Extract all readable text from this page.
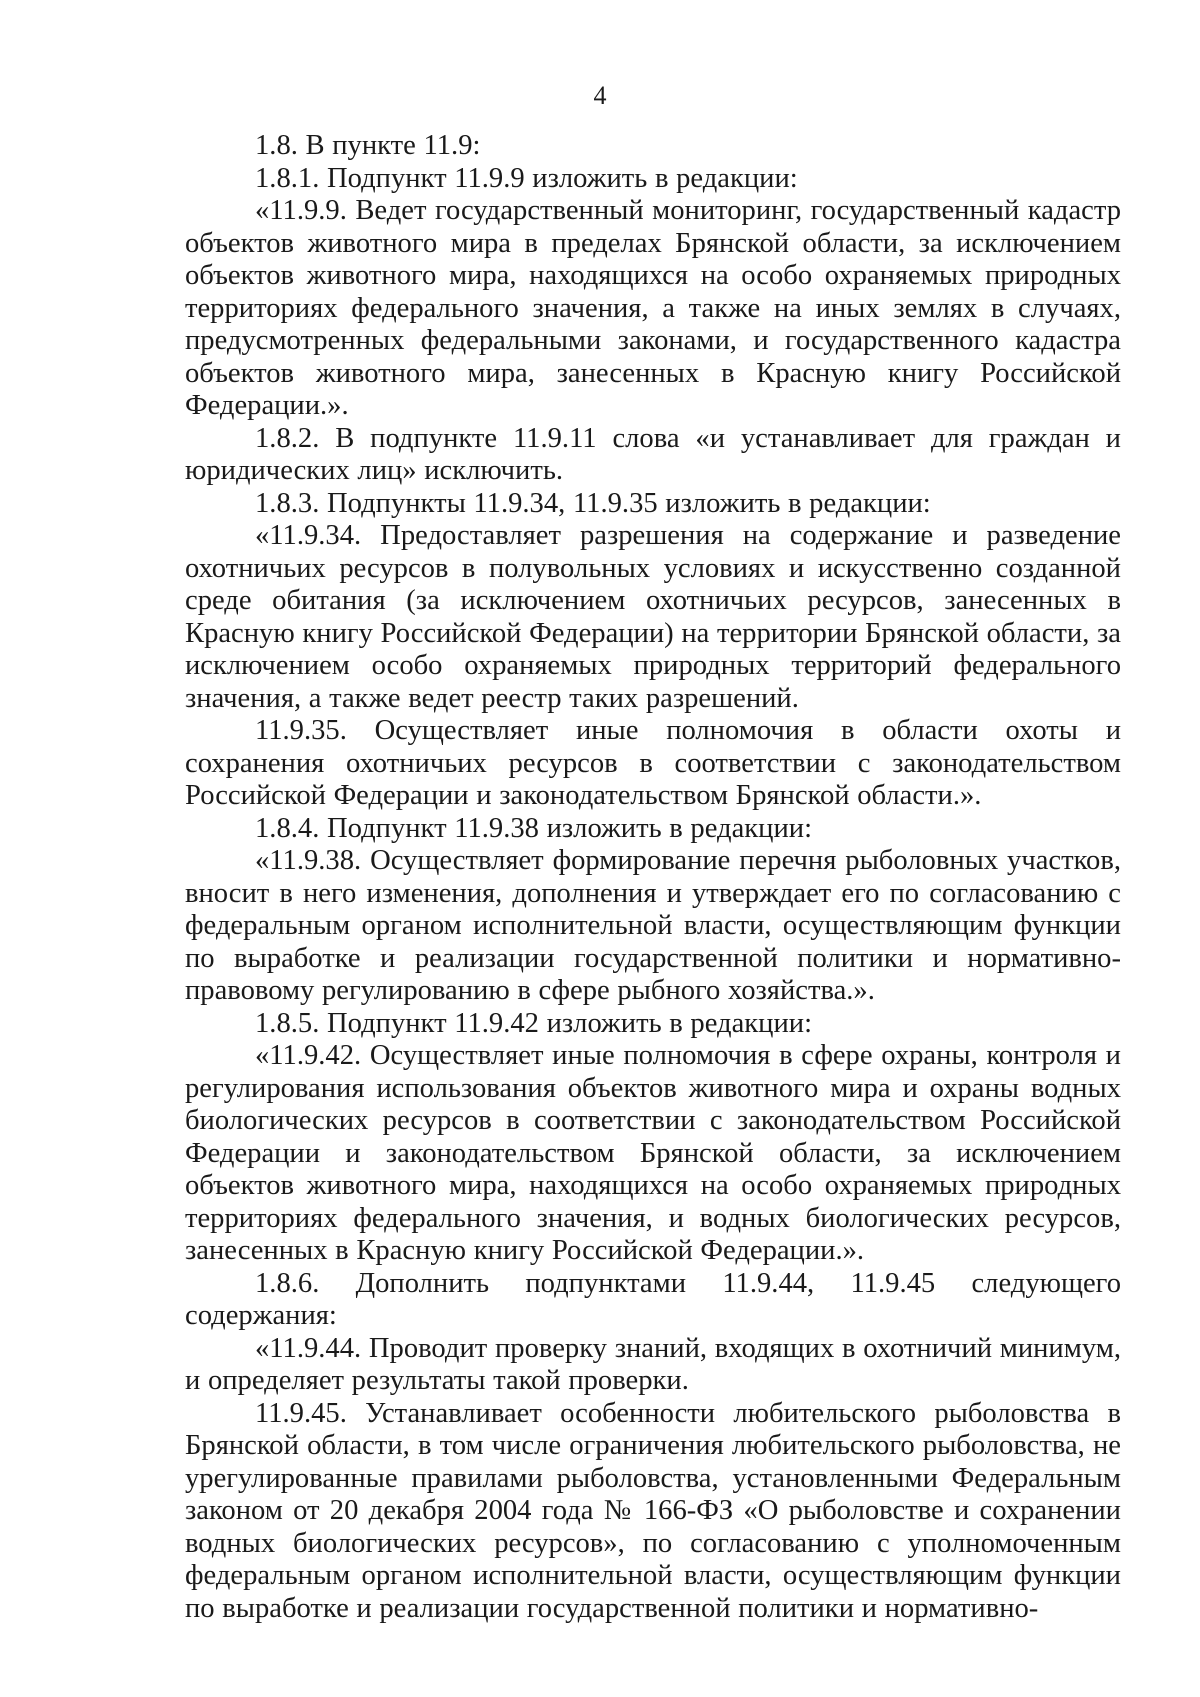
4

1.8. В пункте 11.9:

1.8.1. Подпункт 11.9.9 изложить в редакции:

«11.9.9. Ведет государственный мониторинг, государственный кадастр объектов животного мира в пределах Брянской области, за исключением объектов животного мира, находящихся на особо охраняемых природных территориях федерального значения, а также на иных землях в случаях, предусмотренных федеральными законами, и государственного кадастра объектов животного мира, занесенных в Красную книгу Российской Федерации.».

1.8.2. В подпункте 11.9.11 слова «и устанавливает для граждан и юридических лиц» исключить.

1.8.3. Подпункты 11.9.34, 11.9.35 изложить в редакции:

«11.9.34. Предоставляет разрешения на содержание и разведение охотничьих ресурсов в полувольных условиях и искусственно созданной среде обитания (за исключением охотничьих ресурсов, занесенных в Красную книгу Российской Федерации) на территории Брянской области, за исключением особо охраняемых природных территорий федерального значения, а также ведет реестр таких разрешений.

11.9.35. Осуществляет иные полномочия в области охоты и сохранения охотничьих ресурсов в соответствии с законодательством Российской Федерации и законодательством Брянской области.».

1.8.4. Подпункт 11.9.38 изложить в редакции:

«11.9.38. Осуществляет формирование перечня рыболовных участков, вносит в него изменения, дополнения и утверждает его по согласованию с федеральным органом исполнительной власти, осуществляющим функции по выработке и реализации государственной политики и нормативно-правовому регулированию в сфере рыбного хозяйства.».

1.8.5. Подпункт 11.9.42 изложить в редакции:

«11.9.42. Осуществляет иные полномочия в сфере охраны, контроля и регулирования использования объектов животного мира и охраны водных биологических ресурсов в соответствии с законодательством Российской Федерации и законодательством Брянской области, за исключением объектов животного мира, находящихся на особо охраняемых природных территориях федерального значения, и водных биологических ресурсов, занесенных в Красную книгу Российской Федерации.».

1.8.6. Дополнить подпунктами 11.9.44, 11.9.45 следующего содержания:

«11.9.44. Проводит проверку знаний, входящих в охотничий минимум, и определяет результаты такой проверки.

11.9.45. Устанавливает особенности любительского рыболовства в Брянской области, в том числе ограничения любительского рыболовства, не урегулированные правилами рыболовства, установленными Федеральным законом от 20 декабря 2004 года № 166-ФЗ «О рыболовстве и сохранении водных биологических ресурсов», по согласованию с уполномоченным федеральным органом исполнительной власти, осуществляющим функции по выработке и реализации государственной политики и нормативно-
